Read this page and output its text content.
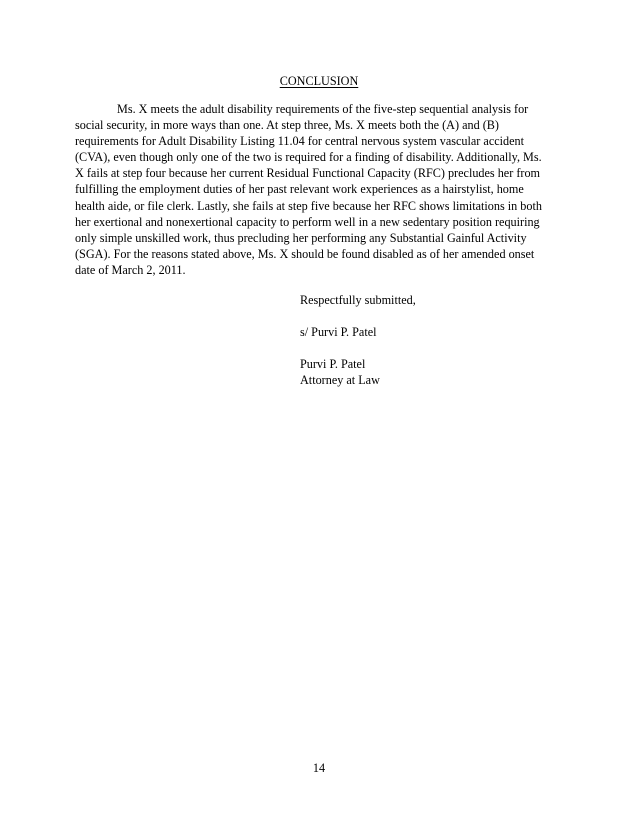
CONCLUSION
Ms. X meets the adult disability requirements of the five-step sequential analysis for
social security, in more ways than one. At step three, Ms. X meets both the (A) and (B)
requirements for Adult Disability Listing 11.04 for central nervous system vascular accident
(CVA), even though only one of the two is required for a finding of disability. Additionally, Ms.
X fails at step four because her current Residual Functional Capacity (RFC) precludes her from
fulfilling the employment duties of her past relevant work experiences as a hairstylist, home
health aide, or file clerk. Lastly, she fails at step five because her RFC shows limitations in both
her exertional and nonexertional capacity to perform well in a new sedentary position requiring
only simple unskilled work, thus precluding her performing any Substantial Gainful Activity
(SGA). For the reasons stated above, Ms. X should be found disabled as of her amended onset
date of March 2, 2011.
Respectfully submitted,
s/ Purvi P. Patel
Purvi P. Patel
Attorney at Law
14
